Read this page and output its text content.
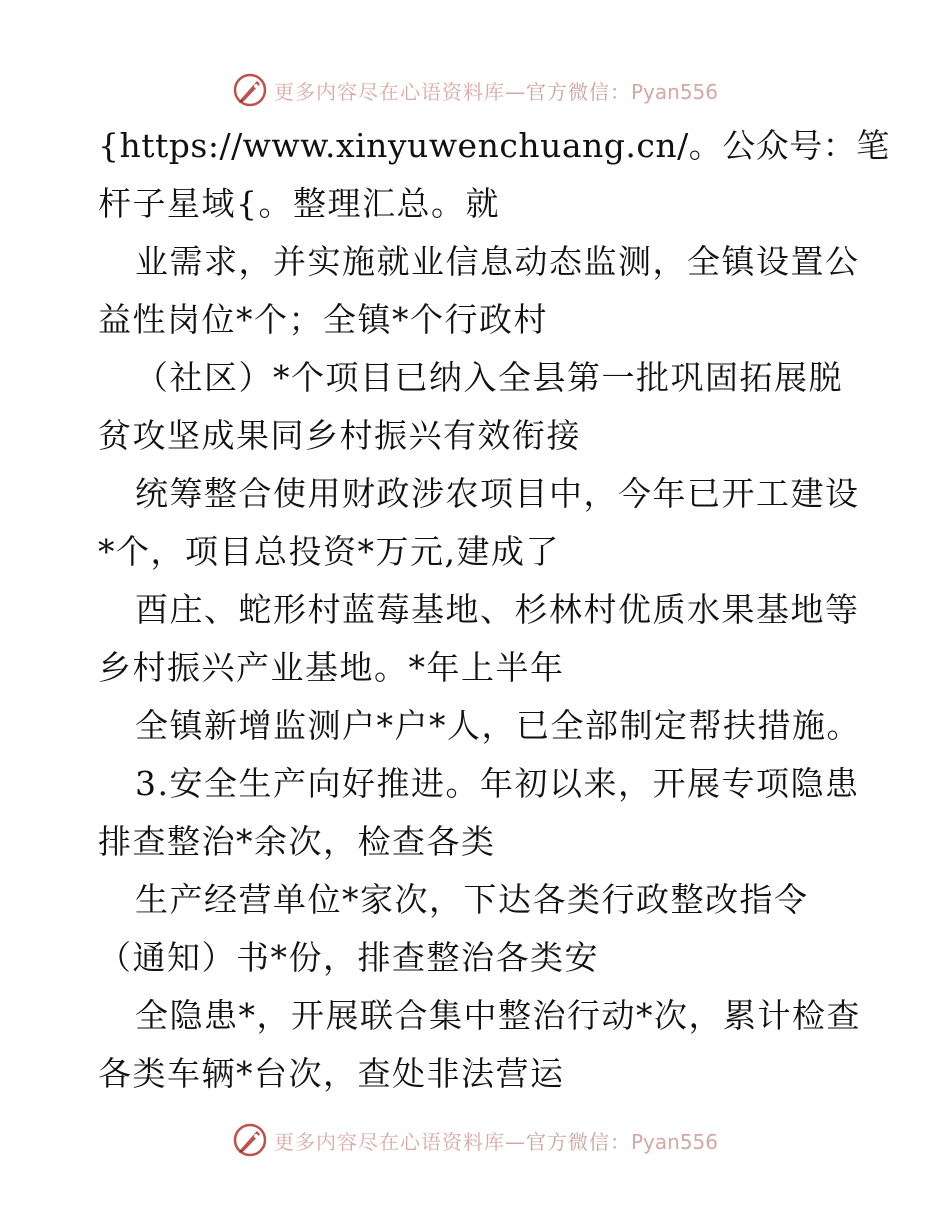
更多内容尽在心语资料库—官方微信：Pyan556
{https://www.xinyuwenchuang.cn/。公众号：笔
杆子星域{。整理汇总。就
业需求，并实施就业信息动态监测，全镇设置公
益性岗位*个；全镇*个行政村
（社区）*个项目已纳入全县第一批巩固拓展脱
贫攻坚成果同乡村振兴有效衔接
统筹整合使用财政涉农项目中，今年已开工建设
*个，项目总投资*万元,建成了
酉庄、蛇形村蓝莓基地、杉林村优质水果基地等
乡村振兴产业基地。*年上半年
全镇新增监测户*户*人，已全部制定帮扶措施。
3.安全生产向好推进。年初以来，开展专项隐患
排查整治*余次，检查各类
生产经营单位*家次，下达各类行政整改指令
（通知）书*份，排查整治各类安
全隐患*，开展联合集中整治行动*次，累计检查
各类车辆*台次，查处非法营运
更多内容尽在心语资料库—官方微信：Pyan556
